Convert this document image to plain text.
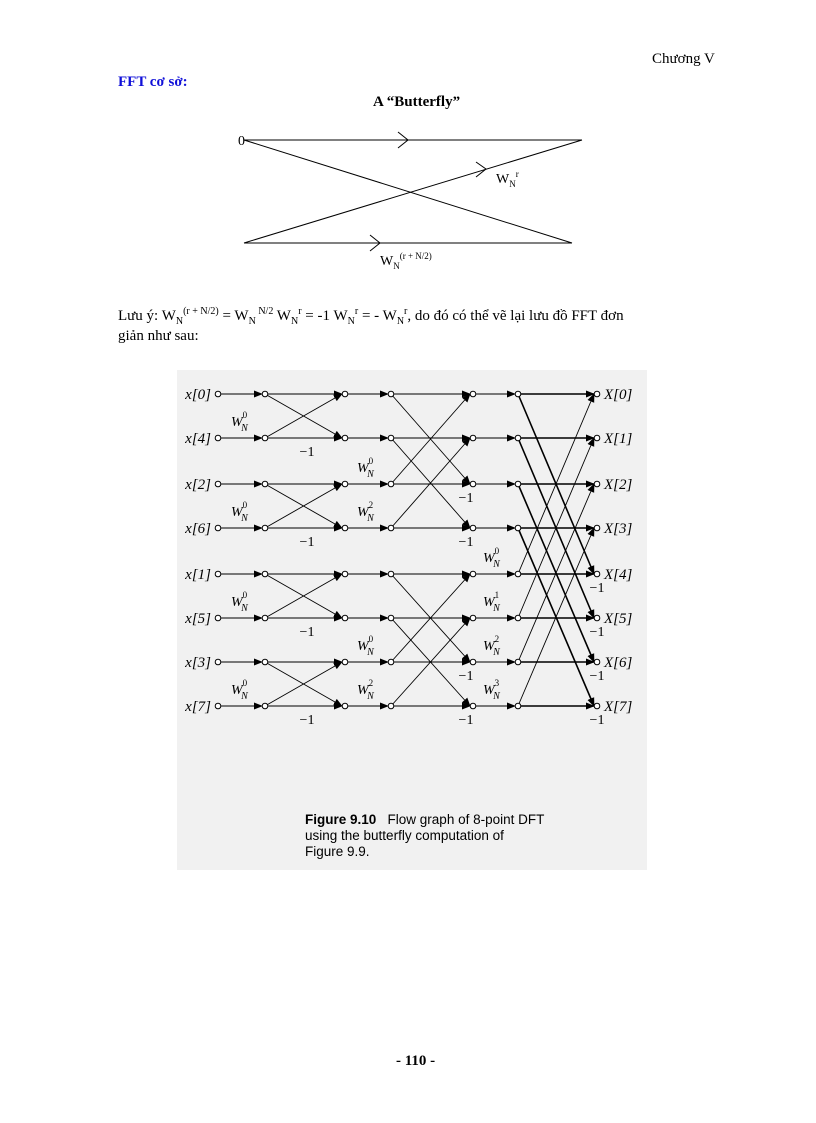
Chương V
FFT cơ sở:
A “Butterfly”
0
$W_N^r$
$W_N^{(r + N/2)}$
Lưu ý: $W_N^{(r + N/2)} = W_N$ $^{N/2}$ $W_N^r = -1$ $W_N^r$ = - $W_N^r$, do đó có thể vẽ lại lưu đồ FFT đơn
giản như sau:
x[0]	X[0]
x[4]	X[1]
x[2]	X[2]
x[6]	X[3]
x[1]	X[4]
x[5]	X[5]
x[3]	X[6]
x[7]	X[7]
$W^0$ N
−1
$W^0$ N
−1
$W^0$ N
−1
$W^0$ N
−1
$W^0$ N
−1
$W^2$ N
−1
$W^0$ N
−1
$W^2$ N
−1
$W^0$ N
−1
$W^1$ N
−1
$W^2$ N
−1
$W^3$ N
−1
Figure 9.10 Flow graph of 8-point DFT
using the butterfly computation of
Figure 9.9.
- 110 -
